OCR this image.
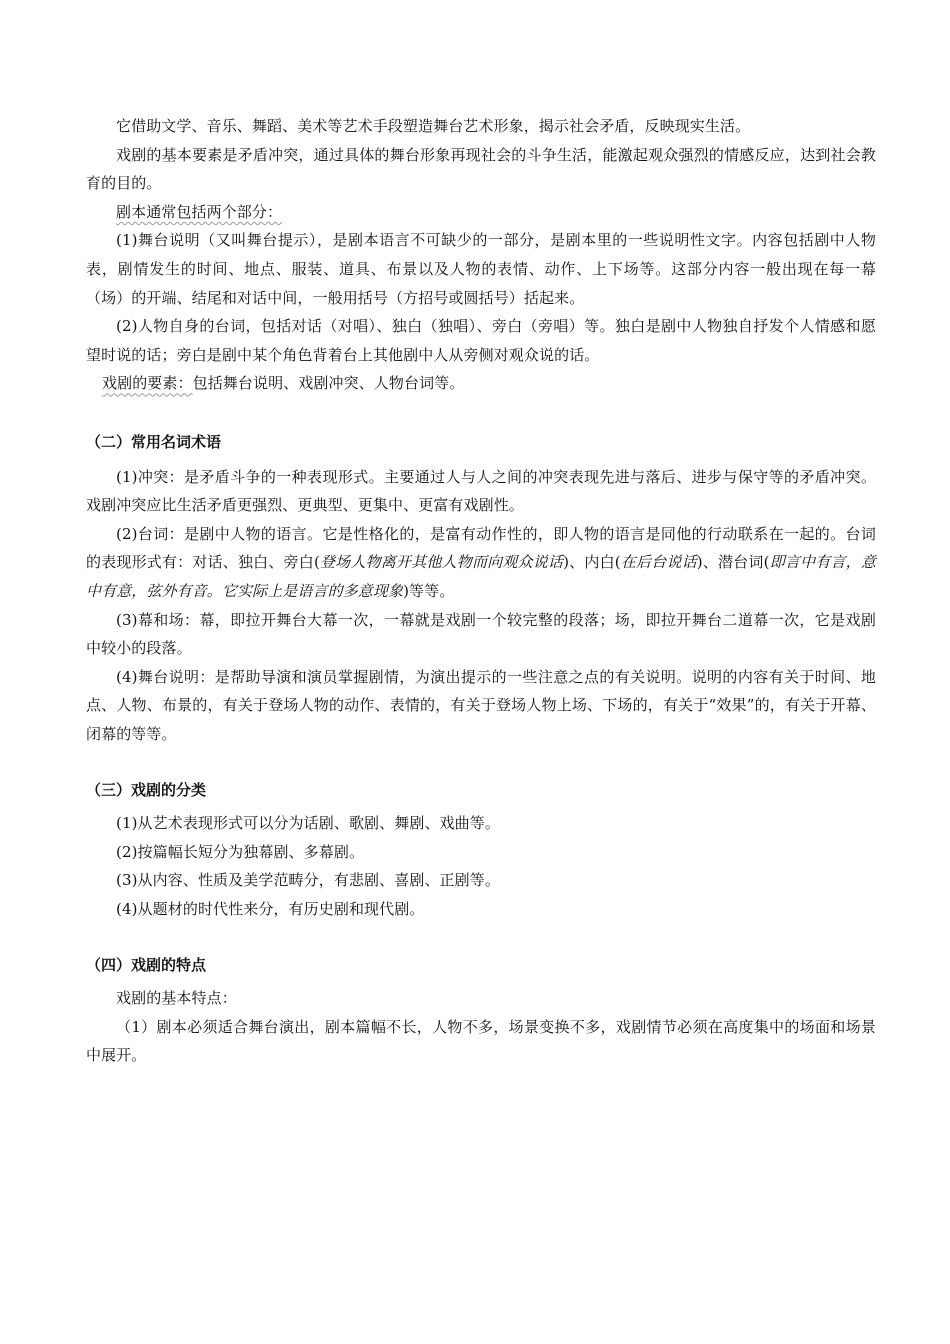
它借助文学、音乐、舞蹈、美术等艺术手段塑造舞台艺术形象，揭示社会矛盾，反映现实生活。

戏剧的基本要素是矛盾冲突，通过具体的舞台形象再现社会的斗争生活，能激起观众强烈的情感反应，达到社会教育的目的。

剧本通常包括两个部分：

(1)舞台说明（又叫舞台提示），是剧本语言不可缺少的一部分，是剧本里的一些说明性文字。内容包括剧中人物表，剧情发生的时间、地点、服装、道具、布景以及人物的表情、动作、上下场等。这部分内容一般出现在每一幕（场）的开端、结尾和对话中间，一般用括号（方招号或圆括号）括起来。

(2)人物自身的台词，包括对话（对唱）、独白（独唱）、旁白（旁唱）等。独白是剧中人物独自抒发个人情感和愿望时说的话；旁白是剧中某个角色背着台上其他剧中人从旁侧对观众说的话。

戏剧的要素：包括舞台说明、戏剧冲突、人物台词等。

（二）常用名词术语

(1)冲突：是矛盾斗争的一种表现形式。主要通过人与人之间的冲突表现先进与落后、进步与保守等的矛盾冲突。戏剧冲突应比生活矛盾更强烈、更典型、更集中、更富有戏剧性。

(2)台词：是剧中人物的语言。它是性格化的，是富有动作性的，即人物的语言是同他的行动联系在一起的。台词的表现形式有：对话、独白、旁白(登场人物离开其他人物而向观众说话)、内白(在后台说话)、潜台词(即言中有言，意中有意，弦外有音。它实际上是语言的多意现象)等等。

(3)幕和场：幕，即拉开舞台大幕一次，一幕就是戏剧一个较完整的段落；场，即拉开舞台二道幕一次，它是戏剧中较小的段落。

(4)舞台说明：是帮助导演和演员掌握剧情，为演出提示的一些注意之点的有关说明。说明的内容有关于时间、地点、人物、布景的，有关于登场人物的动作、表情的，有关于登场人物上场、下场的，有关于“效果”的，有关于开幕、闭幕的等等。

（三）戏剧的分类

(1)从艺术表现形式可以分为话剧、歌剧、舞剧、戏曲等。

(2)按篇幅长短分为独幕剧、多幕剧。

(3)从内容、性质及美学范畴分，有悲剧、喜剧、正剧等。

(4)从题材的时代性来分，有历史剧和现代剧。

（四）戏剧的特点

戏剧的基本特点：

（1）剧本必须适合舞台演出，剧本篇幅不长，人物不多，场景变换不多，戏剧情节必须在高度集中的场面和场景中展开。
